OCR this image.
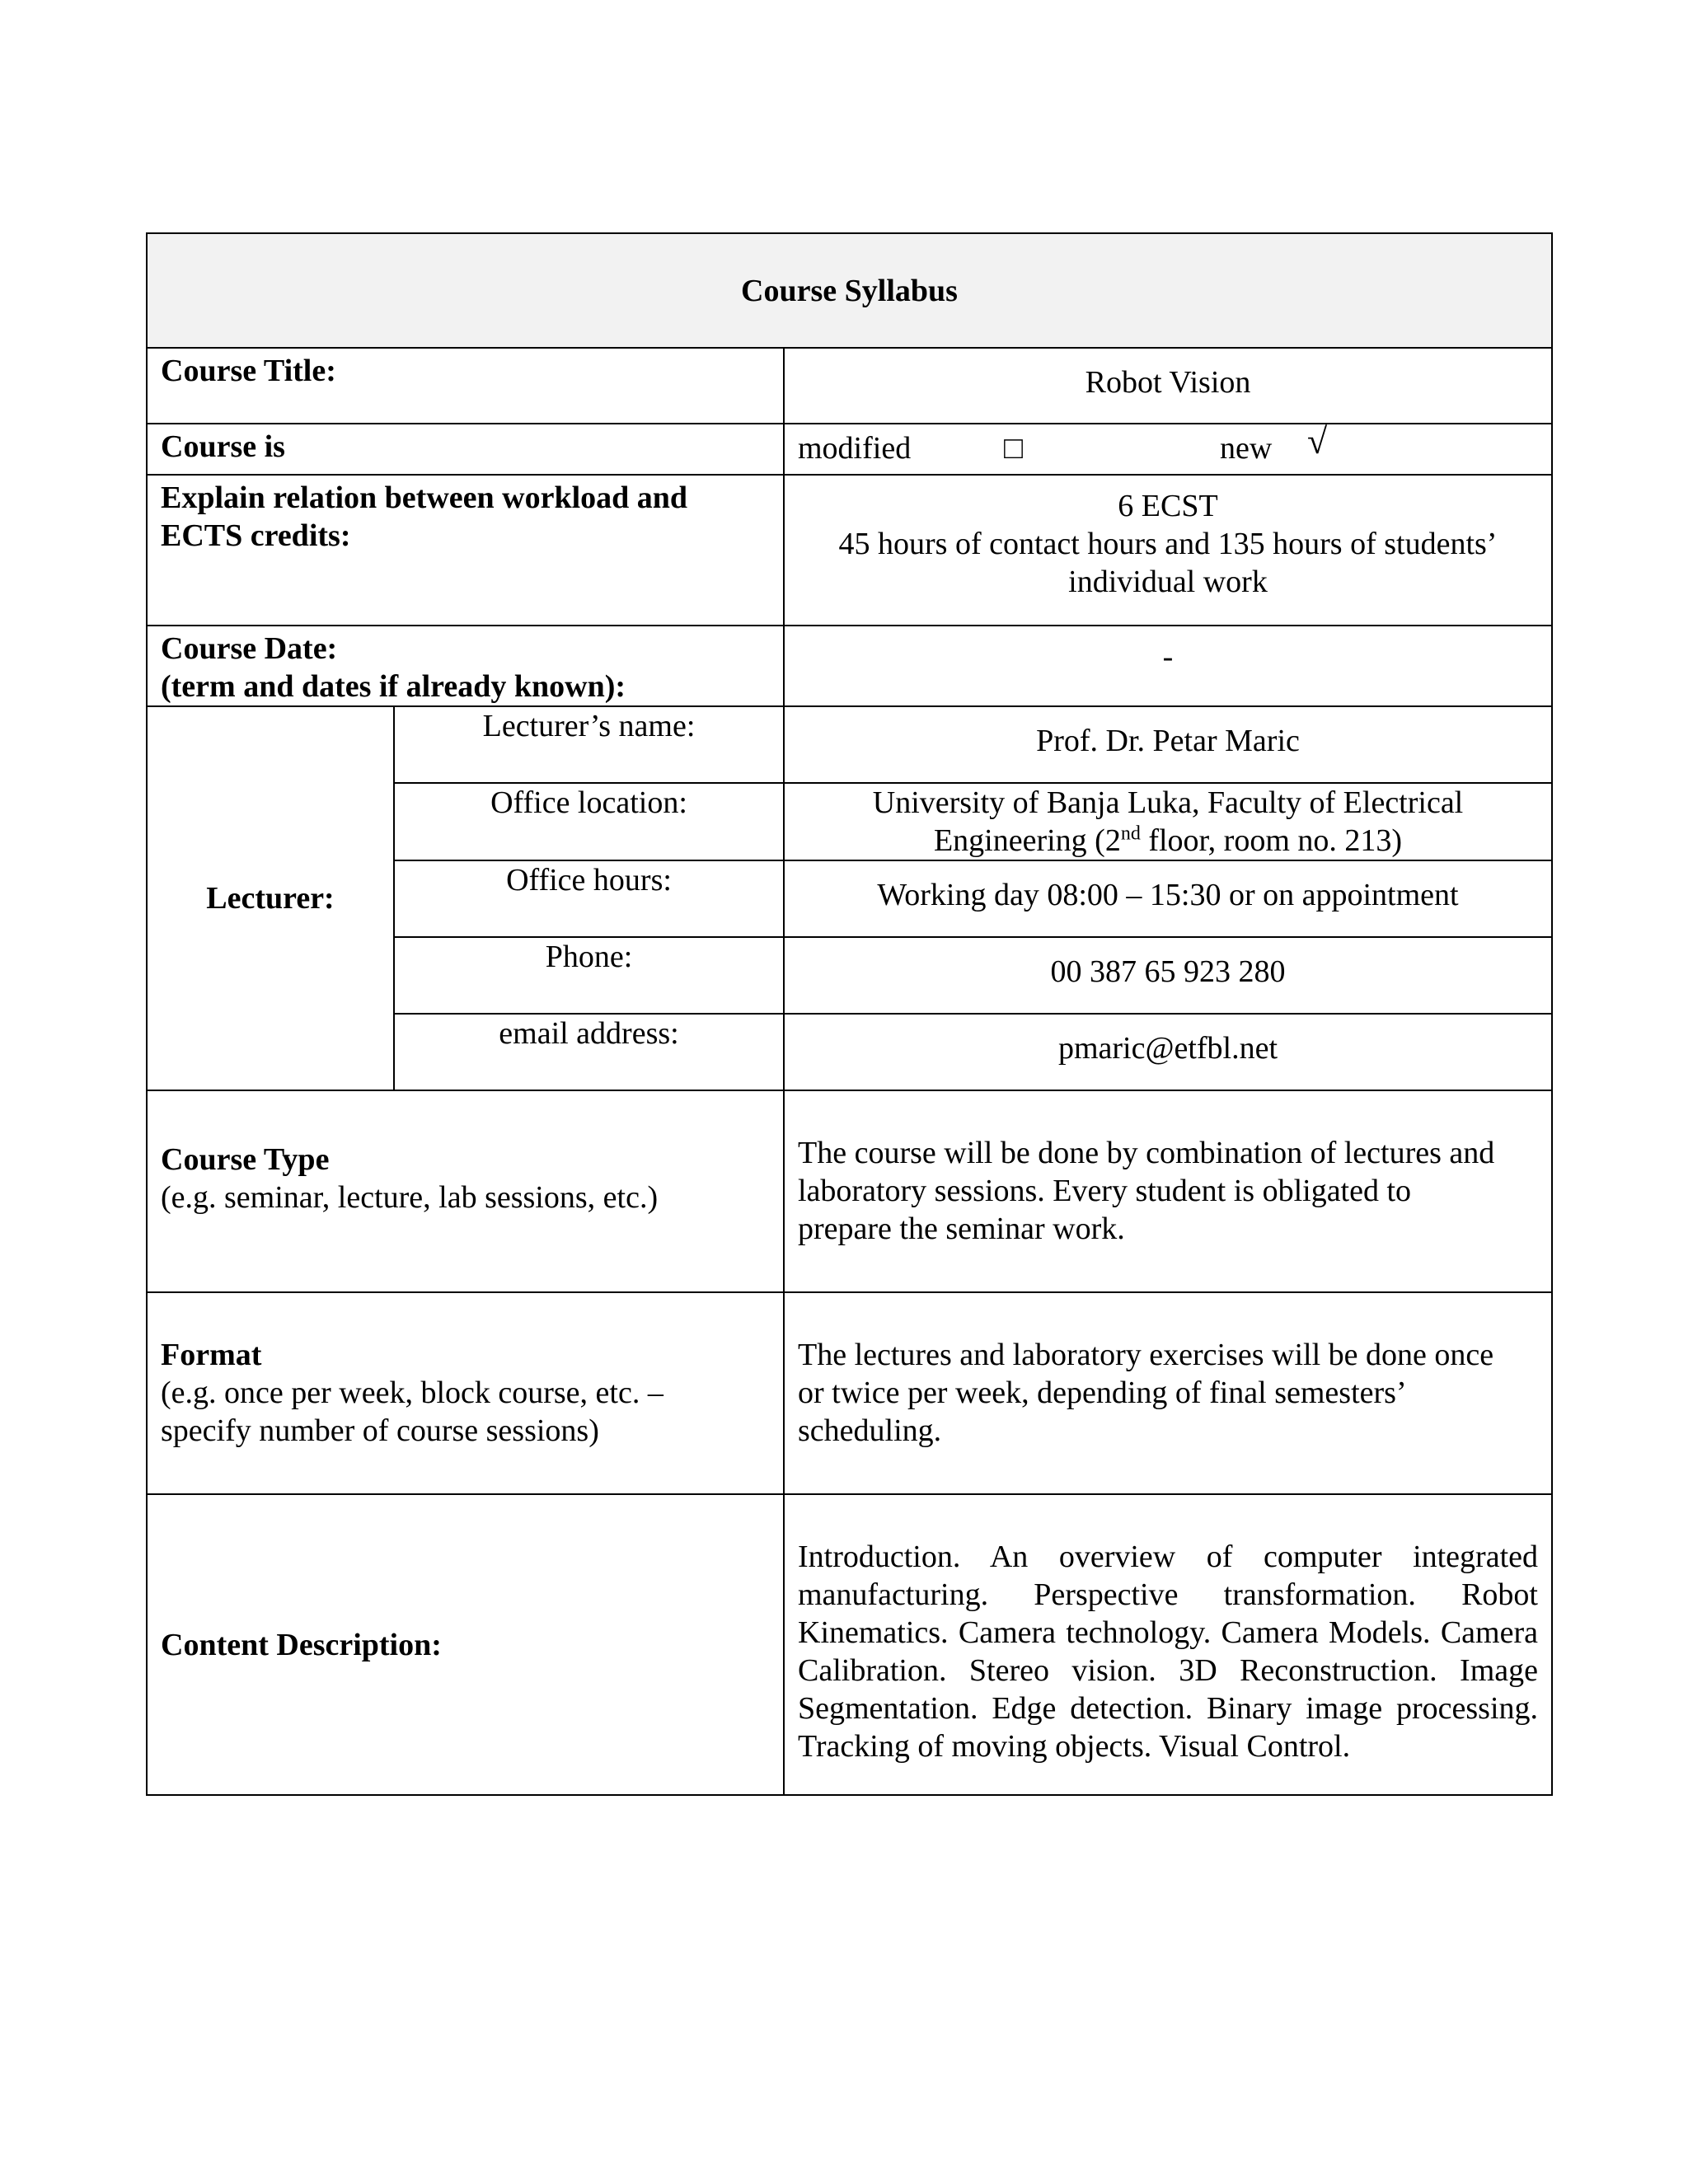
Course Syllabus		
Course Title:		Robot Vision
Course is		modified □ new √

Explain relation between workload and
ECTS credits:		6 ECST
45 hours of contact hours and 135 hours of students’
individual work

Course Date:
(term and dates if already known):		-
Lecturer:	Lecturer’s name:	Prof. Dr. Petar Maric
	Office location:	University of Banja Luka, Faculty of Electrical
Engineering (2nd floor, room no. 213)

	Office hours:	Working day 08:00 – 15:30 or on appointment
	Phone:	00 387 65 923 280
	email address:	pmaric@etfbl.net

Course Type
(e.g. seminar, lecture, lab sessions, etc.)		The course will be done by combination of lectures and
laboratory sessions. Every student is obligated to
prepare the seminar work.

Format
(e.g. once per week, block course, etc. –
specify number of course sessions)		The lectures and laboratory exercises will be done once
or twice per week, depending of final semesters’
scheduling.

Content Description:		Introduction. An overview of computer integrated manufacturing. Perspective transformation. Robot Kinematics. Camera technology. Camera Models. Camera Calibration. Stereo vision. 3D Reconstruction. Image Segmentation. Edge detection. Binary image processing. Tracking of moving objects. Visual Control.
